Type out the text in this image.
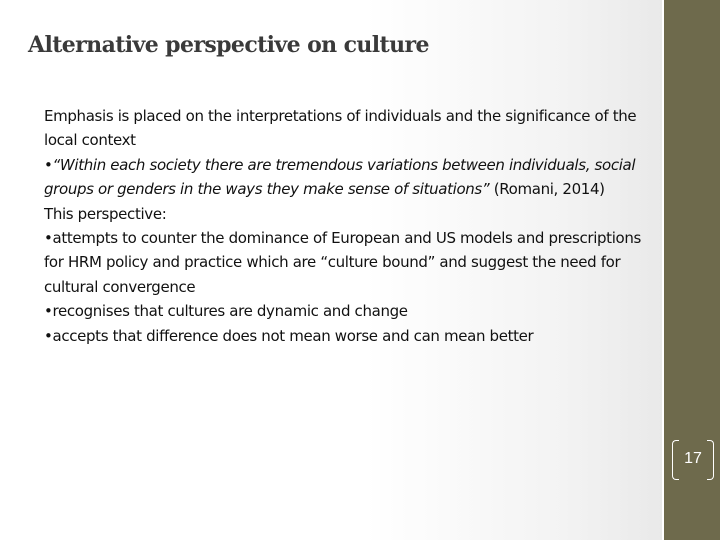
Alternative perspective on culture

Emphasis is placed on the interpretations of individuals and the significance of the local context

•“Within each society there are tremendous variations between individuals, social groups or genders in the ways they make sense of situations” (Romani, 2014)

This perspective:

•attempts to counter the dominance of European and US models and prescriptions for HRM policy and practice which are “culture bound” and suggest the need for cultural convergence

•recognises that cultures are dynamic and change

•accepts that difference does not mean worse and can mean better

17
